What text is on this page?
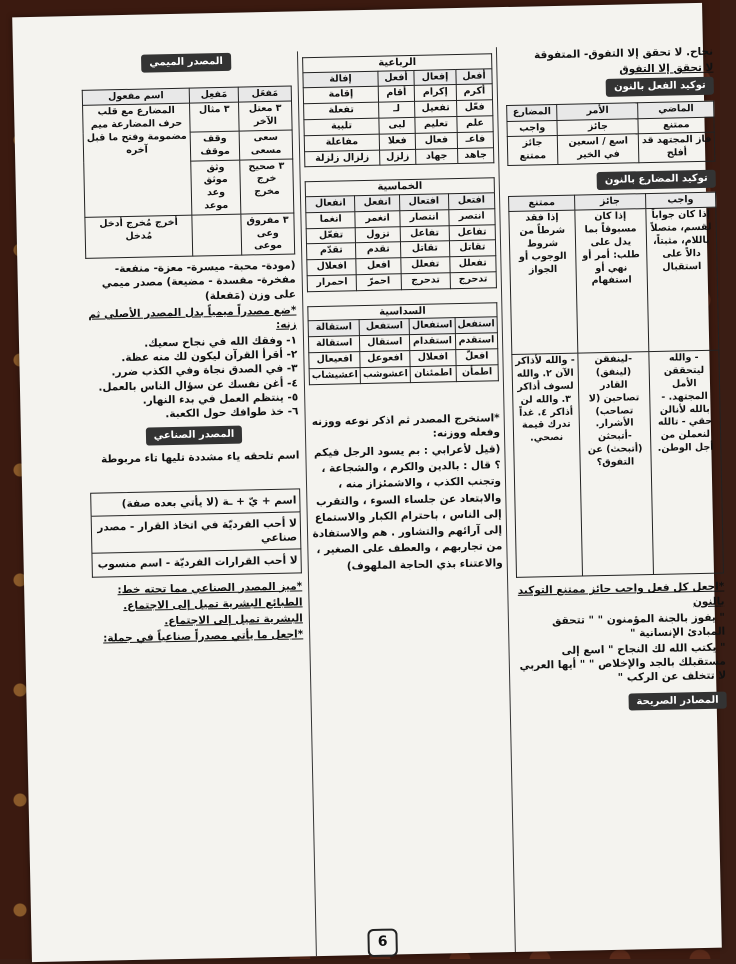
نجاح. لا تحقق إلا التفوق- المتفوقة

لا تحقق إلا التفوق

توكيد الفعل بالنون
الماضي	الأمر	المضارع
ممتنع	جائز	واجب
فاز المجتهد قد أفلح	اسع / اسعين في الخير	جائز ممتنع
توكيد المضارع بالنون
واجب	جائز	ممتنع
إذا كان جواباً لقسم، متصلاً باللام، مثبتاً، دالاً على استقبال	إذا كان مسبوقاً بما يدل على طلب: أمر أو نهي أو استفهام	إذا فقد شرطاً من شروط الوجوب أو الجواز
- والله ليتحققن الأمل المجتهد. - بالله لأنالن حقي - تالله لنعملن من أجل الوطن.	-لينفقن (لينفق) القادر تصاحبن (لا تصاحب) الأشرار. -أتبحثن (أتبحث) عن التفوق؟	- والله لأذاكر الآن ٢. والله لسوف أذاكر ٣. والله لن أذاكر ٤. غداً تدرك قيمة نصحي.

*اجعل كل فعل واجب جائز ممتنع التوكيد بالنون

" يفوز بالجنة المؤمنون " " تتحقق المبادئ الإنسانية "

" يكتب الله لك النجاح " اسع إلى مستقبلك بالجد والإخلاص " " أيها العربي لا تتخلف عن الركب "

المصادر الصريحة
الرباعية
أفعل	إفعال	أفعل	إفالة
أكرم	إكرام	أقام	إقامة
فعّل	تفعيل	لـ	تفعلة
علم	تعليم	لبى	تلبية
فاعـ	فعال	فعلا	مفاعلة
جاهد	جهاد	زلزل	زلزال زلزلة
الخماسية
افتعل	افتعال	انفعل	انفعال
انتصر	انتصار	انغمر	انغما
تفاعل	تفاعل	تزول	تفعّل
تقاتل	تقاتل	تقدم	تقدّم
تفعلل	تفعلل	افعل	افعلال
تدحرج	تدحرج	احمرّ	احمرار
السداسية
استفعل	استفعال	استفعل	استقالة
استقدم	استقدام	استقال	استقالة
افعلّ	افعلال	افعوعل	افعيعال
اطمأن	اطمئنان	اعشوشب	اعشيشاب

*استخرج المصدر ثم اذكر نوعه ووزنه وفعله ووزنه:

(قيل لأعرابي : بم يسود الرجل فيكم ؟ قال : بالدين والكرم ، والشجاعة ، وتجنب الكذب ، والاشمئزاز منه ، والابتعاد عن جلساء السوء ، والتقرب إلى الناس ، باحترام الكبار والاستماع إلى آرائهم والتشاور . هم والاستفادة من تجاربهم ، والعطف على الصغير ، والاعتناء بذي الحاجة الملهوف)

المصدر الميمي
مَفعَل	مَفعِل	اسم مفعول
٣ معتل الآخر	٣ مثال	المضارع مع قلب حرف المضارعة ميم مضمومة وفتح ما قبل آخره
سعى مسعى	وقف موقف	
٣ صحيح خرج مخرج	وثق موثق وعد موعد	
٣ مفروق وعى موعى		أخرج مُخرج أدخل مُدخل

(مودة- محبة- ميسرة- معزة- منفعة- مفخرة- مفسدة - مضيعة) مصدر ميمي على وزن (مَفعلة)

*ضع مصدراً ميمياً بدل المصدر الأصلي ثم زنه:

١- وفقك الله في نجاح سعيك.

٢- أقرأ القرآن ليكون لك منه عظة.

٣- في الصدق نجاة وفي الكذب ضرر.

٤- أغن نفسك عن سؤال الناس بالعمل.

٥- ينتظم العمل في بدء النهار.

٦- خذ طوافك حول الكعبة.

المصدر الصناعي

اسم تلحقه ياء مشددة تليها تاء مربوطة

اسم + يّ + ـة (لا يأتي بعده صفة)

لا أحب الفرديّة في اتخاذ القرار - مصدر صناعي

لا أحب القرارات الفرديّة - اسم منسوب

*ميز المصدر الصناعي مما تحته خط:

الطبائع البشرية تميل إلى الاجتماع.

البشرية تميل إلى الاجتماع.

*اجعل ما يأتي مصدراً صناعياً في جملة:

6
